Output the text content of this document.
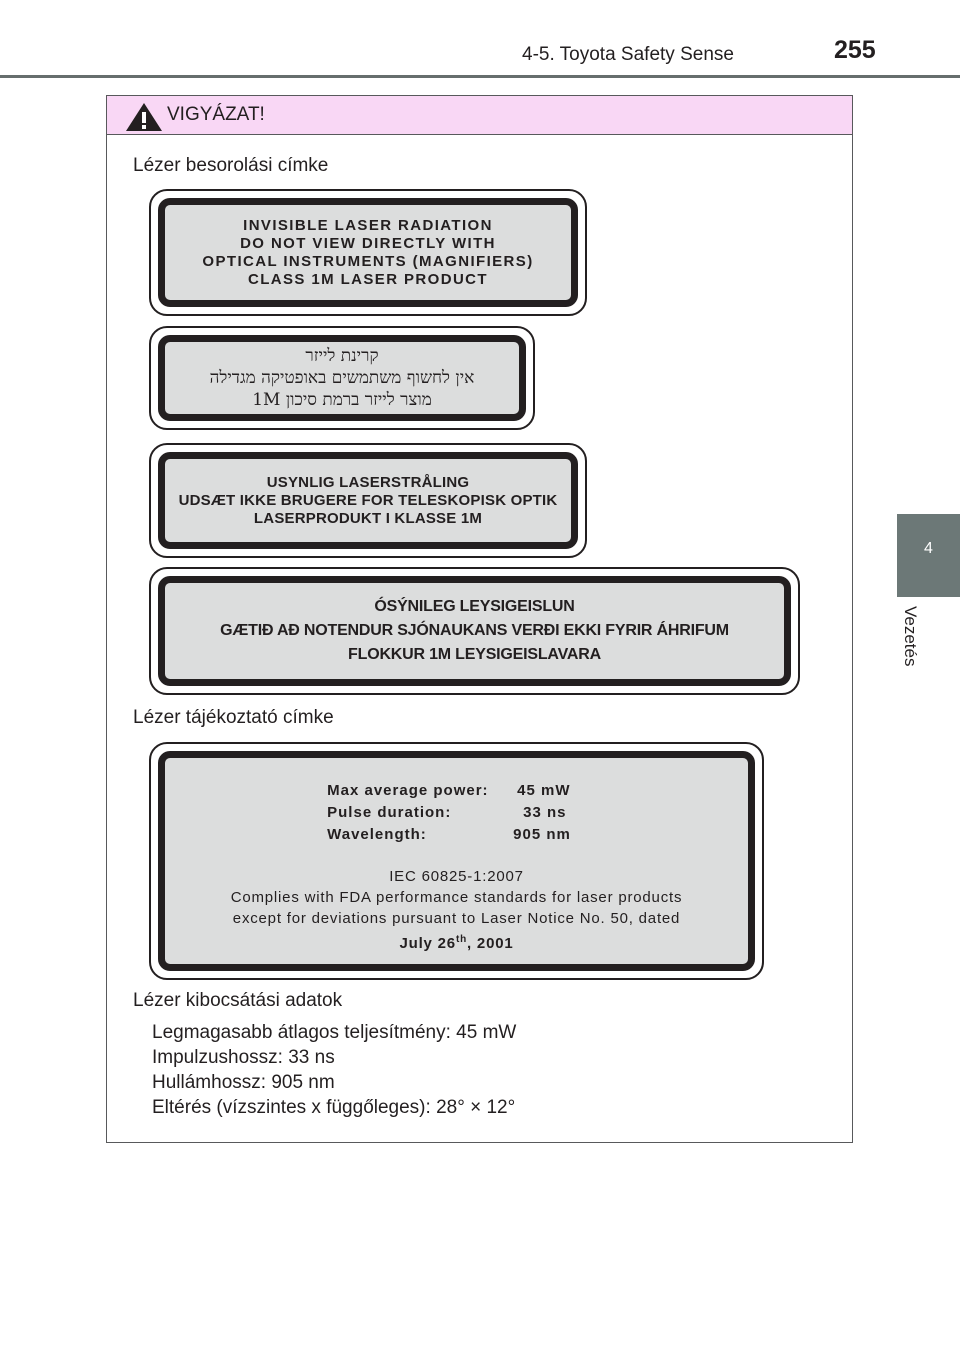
4-5. Toyota Safety Sense	255
4
Vezetés
VIGYÁZAT!
Lézer besorolási címke
INVISIBLE LASER RADIATION
DO NOT VIEW DIRECTLY WITH
OPTICAL INSTRUMENTS (MAGNIFIERS)
CLASS 1M LASER PRODUCT
קרינת לייזר
אין לחשוף משתמשים באופטיקה מגדילה
מוצר לייזר ברמת סיכון 1M
USYNLIG LASERSTRÅLING
UDSÆT IKKE BRUGERE FOR TELESKOPISK OPTIK
LASERPRODUKT I KLASSE 1M
ÓSÝNILEG LEYSIGEISLUN
GÆTIÐ AÐ NOTENDUR SJÓNAUKANS VERÐI EKKI FYRIR ÁHRIFUM
FLOKKUR 1M LEYSIGEISLAVARA
Lézer tájékoztató címke
Max average power: 45 mW
Pulse duration:	33 ns
Wavelength:	905 nm
IEC 60825-1:2007
Complies with FDA performance standards for laser products
except for deviations pursuant to Laser Notice No. 50, dated
July 26th, 2001
Lézer kibocsátási adatok
Legmagasabb átlagos teljesítmény: 45 mW
Impulzushossz: 33 ns
Hullámhossz: 905 nm
Eltérés (vízszintes x függőleges): 28° × 12°
